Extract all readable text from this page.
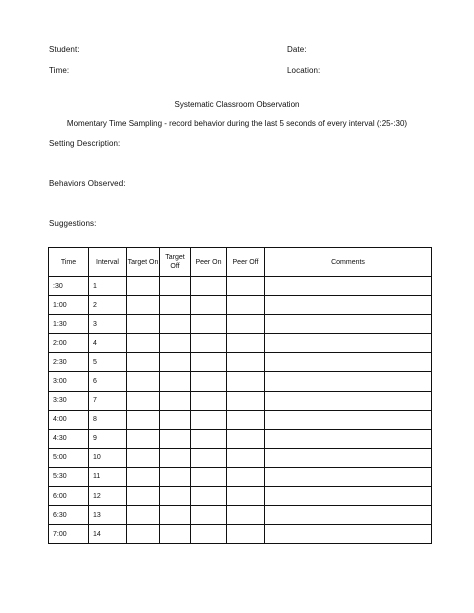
Student:	Date:
Time:	Location:
Systematic Classroom Observation
Momentary Time Sampling - record behavior during the last 5 seconds of every interval (:25-:30)
Setting Description:
Behaviors Observed:
Suggestions:
Time	Interval	Target On	Target Off	Peer On	Peer Off	Comments
:30	1					
1:00	2					
1:30	3					
2:00	4					
2:30	5					
3:00	6					
3:30	7					
4:00	8					
4:30	9					
5:00	10					
5:30	11					
6:00	12					
6:30	13					
7:00	14					
